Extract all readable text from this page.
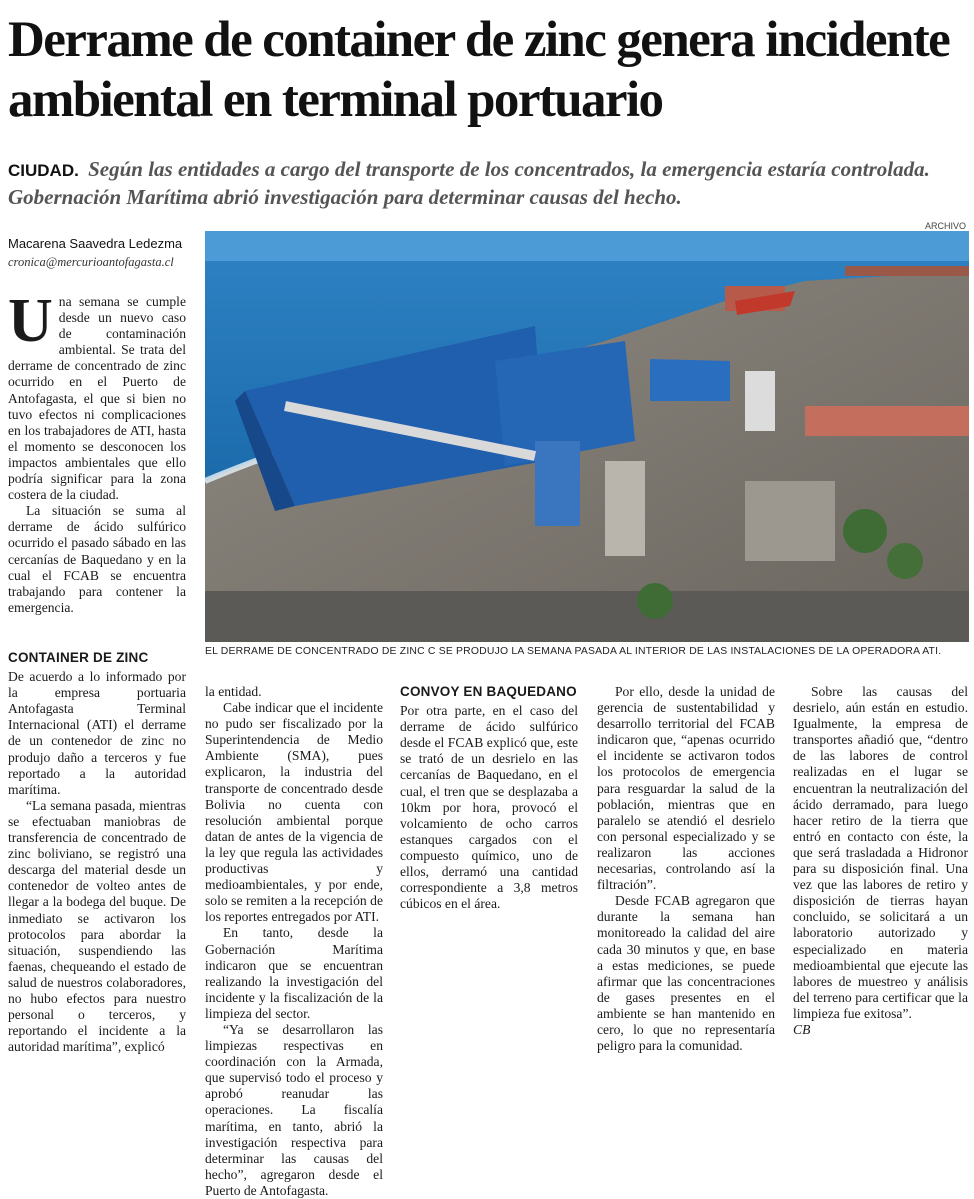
Derrame de container de zinc genera incidente ambiental en terminal portuario
CIUDAD. Según las entidades a cargo del transporte de los concentrados, la emergencia estaría controlada. Gobernación Marítima abrió investigación para determinar causas del hecho.
Macarena Saavedra Ledezma
cronica@mercurioantofagasta.cl
ARCHIVO
EL DERRAME DE CONCENTRADO DE ZINC C SE PRODUJO LA SEMANA PASADA AL INTERIOR DE LAS INSTALACIONES DE LA OPERADORA ATI.

Una semana se cumple desde un nuevo caso de contaminación ambiental. Se trata del derrame de concentrado de zinc ocurrido en el Puerto de Antofagasta, el que si bien no tuvo efectos ni complicaciones en los trabajadores de ATI, hasta el momento se desconocen los impactos ambientales que ello podría significar para la zona costera de la ciudad.

La situación se suma al derrame de ácido sulfúrico ocurrido el pasado sábado en las cercanías de Baquedano y en la cual el FCAB se encuentra trabajando para contener la emergencia.

CONTAINER DE ZINC

De acuerdo a lo informado por la empresa portuaria Antofagasta Terminal Internacional (ATI) el derrame de un contenedor de zinc no produjo daño a terceros y fue reportado a la autoridad marítima.

“La semana pasada, mientras se efectuaban maniobras de transferencia de concentrado de zinc boliviano, se registró una descarga del material desde un contenedor de volteo antes de llegar a la bodega del buque. De inmediato se activaron los protocolos para abordar la situación, suspendiendo las faenas, chequeando el estado de salud de nuestros colaboradores, no hubo efectos para nuestro personal o terceros, y reportando el incidente a la autoridad marítima”, explicó

la entidad.

Cabe indicar que el incidente no pudo ser fiscalizado por la Superintendencia de Medio Ambiente (SMA), pues explicaron, la industria del transporte de concentrado desde Bolivia no cuenta con resolución ambiental porque datan de antes de la vigencia de la ley que regula las actividades productivas y medioambientales, y por ende, solo se remiten a la recepción de los reportes entregados por ATI.

En tanto, desde la Gobernación Marítima indicaron que se encuentran realizando la investigación del incidente y la fiscalización de la limpieza del sector.

“Ya se desarrollaron las limpiezas respectivas en coordinación con la Armada, que supervisó todo el proceso y aprobó reanudar las operaciones. La fiscalía marítima, en tanto, abrió la investigación respectiva para determinar las causas del hecho”, agregaron desde el Puerto de Antofagasta.

CONVOY EN BAQUEDANO

Por otra parte, en el caso del derrame de ácido sulfúrico desde el FCAB explicó que, este se trató de un desrielo en las cercanías de Baquedano, en el cual, el tren que se desplazaba a 10km por hora, provocó el volcamiento de ocho carros estanques cargados con el compuesto químico, uno de ellos, derramó una cantidad correspondiente a 3,8 metros cúbicos en el área.

Por ello, desde la unidad de gerencia de sustentabilidad y desarrollo territorial del FCAB indicaron que, “apenas ocurrido el incidente se activaron todos los protocolos de emergencia para resguardar la salud de la población, mientras que en paralelo se atendió el desrielo con personal especializado y se realizaron las acciones necesarias, controlando así la filtración”.

Desde FCAB agregaron que durante la semana han monitoreado la calidad del aire cada 30 minutos y que, en base a estas mediciones, se puede afirmar que las concentraciones de gases presentes en el ambiente se han mantenido en cero, lo que no representaría peligro para la comunidad.

Sobre las causas del desrielo, aún están en estudio. Igualmente, la empresa de transportes añadió que, “dentro de las labores de control realizadas en el lugar se encuentran la neutralización del ácido derramado, para luego hacer retiro de la tierra que entró en contacto con éste, la que será trasladada a Hidronor para su disposición final. Una vez que las labores de retiro y disposición de tierras hayan concluido, se solicitará a un laboratorio autorizado y especializado en materia medioambiental que ejecute las labores de muestreo y análisis del terreno para certificar que la limpieza fue exitosa”.

CB
